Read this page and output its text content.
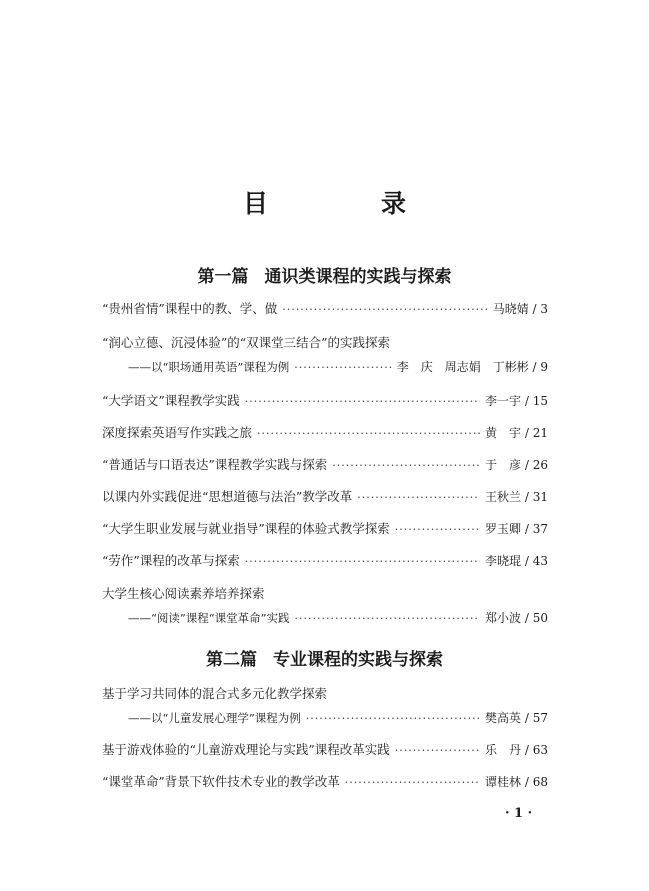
目　录
第一篇 通识类课程的实践与探索
“贵州省情”课程中的教、学、做 ·····	马晓婧 / 3
“润心立德、沉浸体验”的“双课堂三结合”的实践探索
——以“职场通用英语”课程为例 ·····	李　庆　周志娟　丁彬彬 / 9
“大学语文”课程教学实践 ·····	李一宇 / 15
深度探索英语写作实践之旅 ·····	黄　宇 / 21
“普通话与口语表达”课程教学实践与探索 ·····	于　彦 / 26
以课内外实践促进“思想道德与法治”教学改革 ·····	王秋兰 / 31
“大学生职业发展与就业指导”课程的体验式教学探索 ·····	罗玉卿 / 37
“劳作”课程的改革与探索 ·····	李晓琨 / 43
大学生核心阅读素养培养探索
——“阅读”课程“课堂革命”实践 ·····	郑小波 / 50
第二篇 专业课程的实践与探索
基于学习共同体的混合式多元化教学探索
——以“儿童发展心理学”课程为例 ·····	樊高英 / 57
基于游戏体验的“儿童游戏理论与实践”课程改革实践 ·····	乐　丹 / 63
“课堂革命”背景下软件技术专业的教学改革 ·····	谭桂林 / 68
· 1 ·
